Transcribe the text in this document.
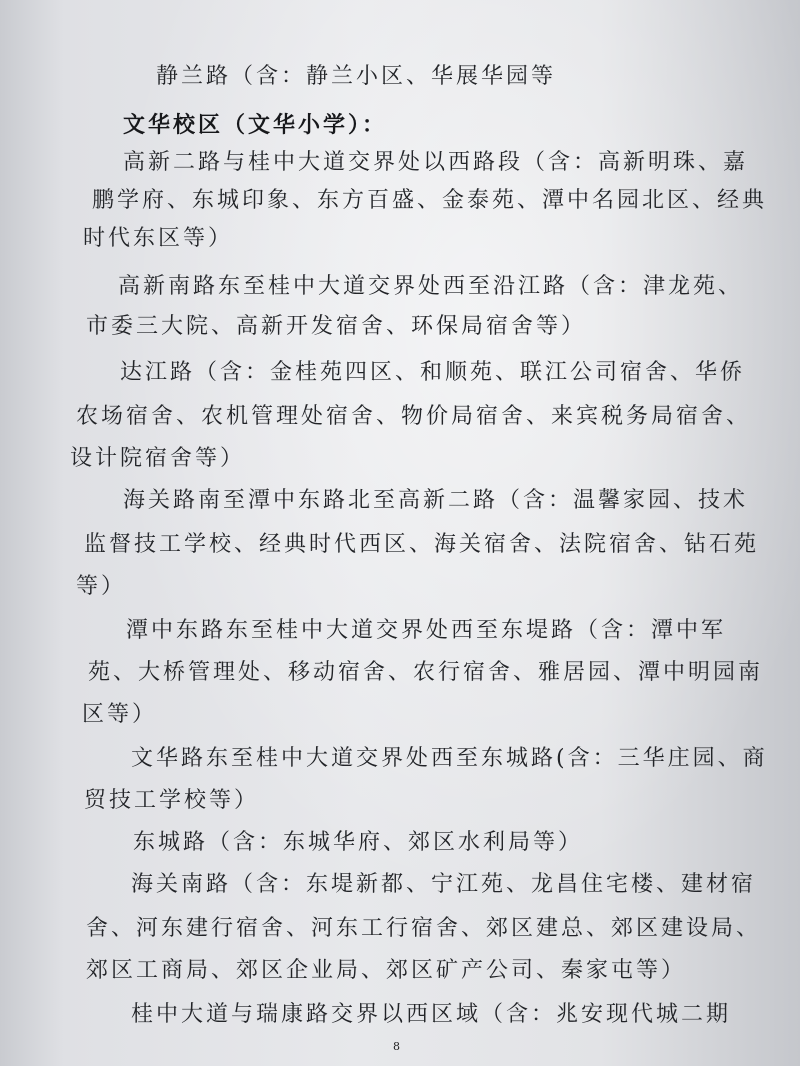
静兰路（含：静兰小区、华展华园等

文华校区（文华小学）：

高新二路与桂中大道交界处以西路段（含：高新明珠、嘉

鹏学府、东城印象、东方百盛、金泰苑、潭中名园北区、经典

时代东区等）

高新南路东至桂中大道交界处西至沿江路（含：津龙苑、

市委三大院、高新开发宿舍、环保局宿舍等）

达江路（含：金桂苑四区、和顺苑、联江公司宿舍、华侨

农场宿舍、农机管理处宿舍、物价局宿舍、来宾税务局宿舍、

设计院宿舍等）

海关路南至潭中东路北至高新二路（含：温馨家园、技术

监督技工学校、经典时代西区、海关宿舍、法院宿舍、钻石苑

等）

潭中东路东至桂中大道交界处西至东堤路（含：潭中军

苑、大桥管理处、移动宿舍、农行宿舍、雅居园、潭中明园南

区等）

文华路东至桂中大道交界处西至东城路(含：三华庄园、商

贸技工学校等）

东城路（含：东城华府、郊区水利局等）

海关南路（含：东堤新都、宁江苑、龙昌住宅楼、建材宿

舍、河东建行宿舍、河东工行宿舍、郊区建总、郊区建设局、

郊区工商局、郊区企业局、郊区矿产公司、秦家屯等）

桂中大道与瑞康路交界以西区域（含：兆安现代城二期

8
